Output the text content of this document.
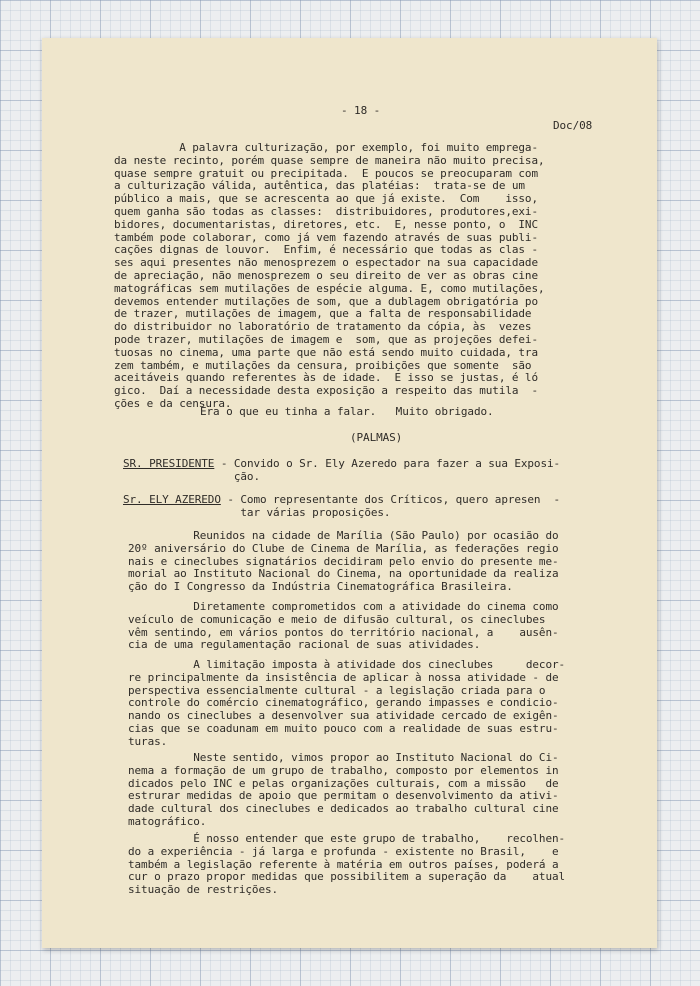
- 18 -
Doc/08
A palavra culturização, por exemplo, foi muito emprega-
da neste recinto, porém quase sempre de maneira não muito precisa,
quase sempre gratuit ou precipitada.  E poucos se preocuparam com
a culturização válida, autêntica, das platéias:  trata-se de um
público a mais, que se acrescenta ao que já existe.  Com    isso,
quem ganha são todas as classes:  distribuidores, produtores,exi-
bidores, documentaristas, diretores, etc.  E, nesse ponto, o  INC
também pode colaborar, como já vem fazendo através de suas publi-
cações dignas de louvor.  Enfim, é necessário que todas as clas -
ses aqui presentes não menosprezem o espectador na sua capacidade
de apreciação, não menosprezem o seu direito de ver as obras cine
matográficas sem mutilações de espécie alguma. E, como mutilações,
devemos entender mutilações de som, que a dublagem obrigatória po
de trazer, mutilações de imagem, que a falta de responsabilidade
do distribuidor no laboratório de tratamento da cópia, às  vezes
pode trazer, mutilações de imagem e  som, que as projeções defei-
tuosas no cinema, uma parte que não está sendo muito cuidada, tra
zem também, e mutilações da censura, proibições que somente  são
aceitáveis quando referentes às de idade.  E isso se justas, é ló
gico.  Daí a necessidade desta exposição a respeito das mutila  -
ções e da censura.
Era o que eu tinha a falar.   Muito obrigado.
(PALMAS)
SR. PRESIDENTE - Convido o Sr. Ely Azeredo para fazer a sua Exposi-
ção.
Sr. ELY AZEREDO - Como representante dos Críticos, quero apresen  -
tar várias proposições.
Reunidos na cidade de Marília (São Paulo) por ocasião do
20º aniversário do Clube de Cinema de Marília, as federações regio
nais e cineclubes signatários decidiram pelo envio do presente me-
morial ao Instituto Nacional do Cinema, na oportunidade da realiza
ção do I Congresso da Indústria Cinematográfica Brasileira.
Diretamente comprometidos com a atividade do cinema como
veículo de comunicação e meio de difusão cultural, os cineclubes
vêm sentindo, em vários pontos do território nacional, a    ausên-
cia de uma regulamentação racional de suas atividades.
A limitação imposta à atividade dos cineclubes     decor-
re principalmente da insistência de aplicar à nossa atividade - de
perspectiva essencialmente cultural - a legislação criada para o
controle do comércio cinematográfico, gerando impasses e condicio-
nando os cineclubes a desenvolver sua atividade cercado de exigên-
cias que se coadunam em muito pouco com a realidade de suas estru-
turas.
Neste sentido, vimos propor ao Instituto Nacional do Ci-
nema a formação de um grupo de trabalho, composto por elementos in
dicados pelo INC e pelas organizações culturais, com a missão   de
estrurar medidas de apoio que permitam o desenvolvimento da ativi-
dade cultural dos cineclubes e dedicados ao trabalho cultural cine
matográfico.
É nosso entender que este grupo de trabalho,    recolhen-
do a experiência - já larga e profunda - existente no Brasil,    e
também a legislação referente à matéria em outros países, poderá a
cur o prazo propor medidas que possibilitem a superação da    atual
situação de restrições.
